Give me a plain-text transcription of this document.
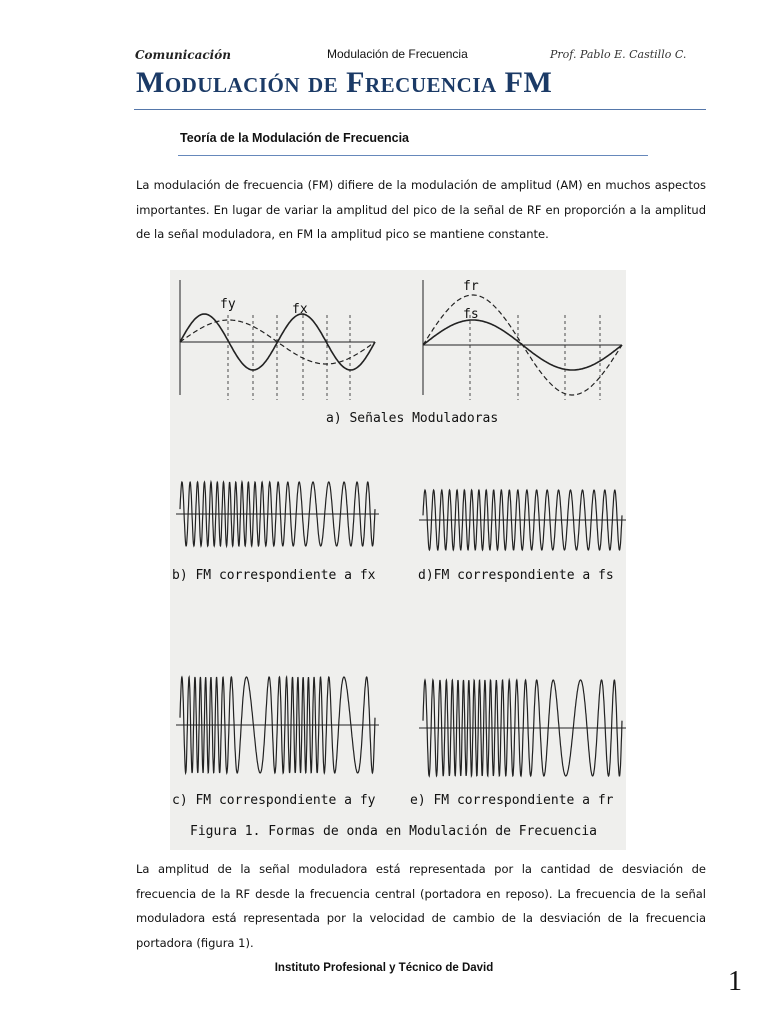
Comunicación	Modulación de Frecuencia	Prof. Pablo E. Castillo C.
Modulación de Frecuencia FM
Teoría de la Modulación de Frecuencia
La modulación de frecuencia (FM) difiere de la modulación de amplitud (AM) en muchos aspectos importantes. En lugar de variar la amplitud del pico de la señal de RF en proporción a la amplitud de la señal moduladora, en FM la amplitud pico se mantiene constante.
fy	fx
fr
fs
a) Señales Moduladoras
b) FM correspondiente a fx	d)FM correspondiente a fs
c) FM correspondiente a fy	e) FM correspondiente a fr
Figura 1. Formas de onda en Modulación de Frecuencia
La amplitud de la señal moduladora está representada por la cantidad de desviación de frecuencia de la RF desde la frecuencia central (portadora en reposo). La frecuencia de la señal moduladora está representada por la velocidad de cambio de la desviación de la frecuencia portadora (figura 1).
Instituto Profesional y Técnico de David	1
